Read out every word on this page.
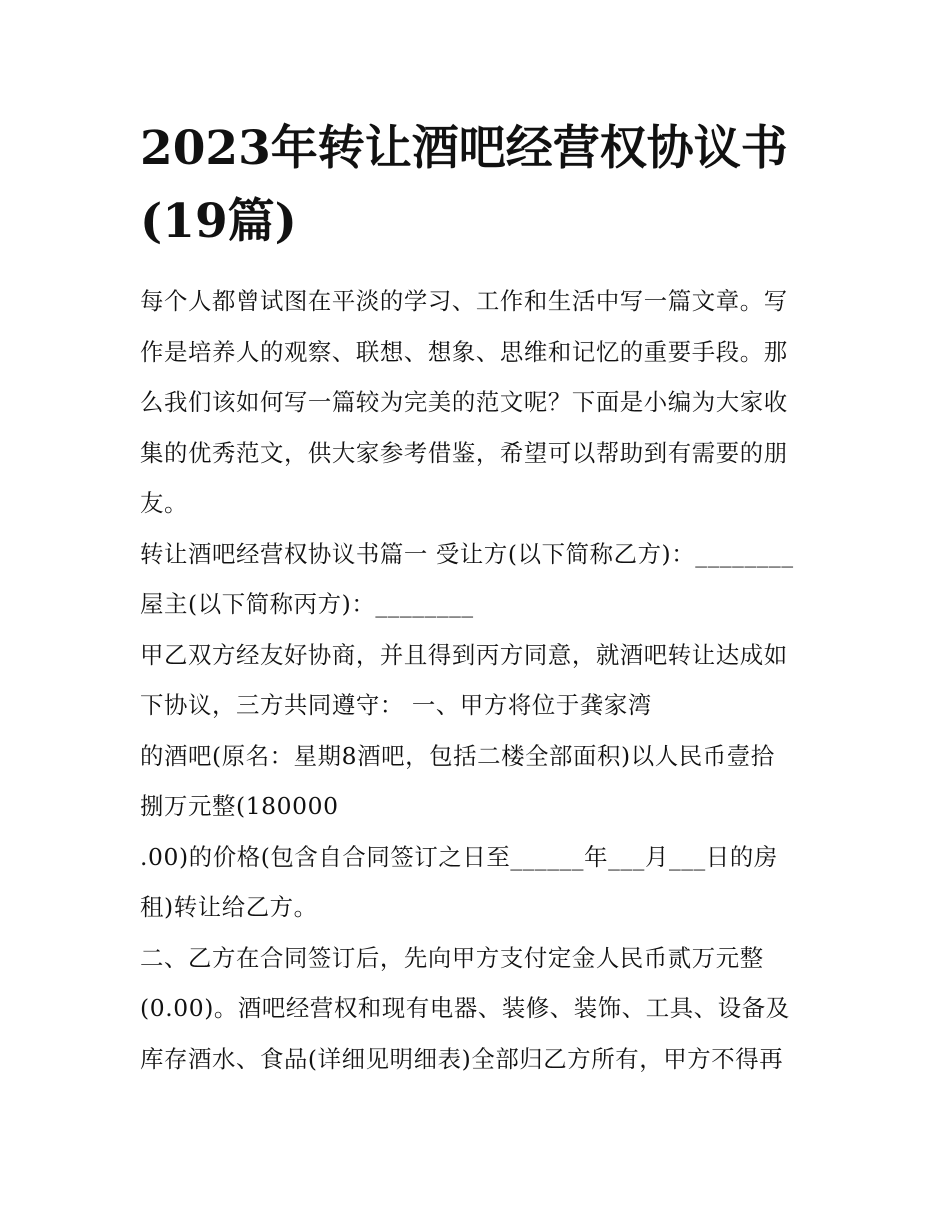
2023年转让酒吧经营权协议书
(19篇)
每个人都曾试图在平淡的学习、工作和生活中写一篇文章。写
作是培养人的观察、联想、想象、思维和记忆的重要手段。那
么我们该如何写一篇较为完美的范文呢？下面是小编为大家收
集的优秀范文，供大家参考借鉴，希望可以帮助到有需要的朋
友。
转让酒吧经营权协议书篇一 受让方(以下简称乙方)：________
屋主(以下简称丙方)：________
甲乙双方经友好协商，并且得到丙方同意，就酒吧转让达成如
下协议，三方共同遵守： 一、甲方将位于龚家湾
的酒吧(原名：星期8酒吧，包括二楼全部面积)以人民币壹拾
捌万元整(180000
.00)的价格(包含自合同签订之日至______年___月___日的房
租)转让给乙方。
二、乙方在合同签订后，先向甲方支付定金人民币贰万元整
(0.00)。酒吧经营权和现有电器、装修、装饰、工具、设备及
库存酒水、食品(详细见明细表)全部归乙方所有，甲方不得再
